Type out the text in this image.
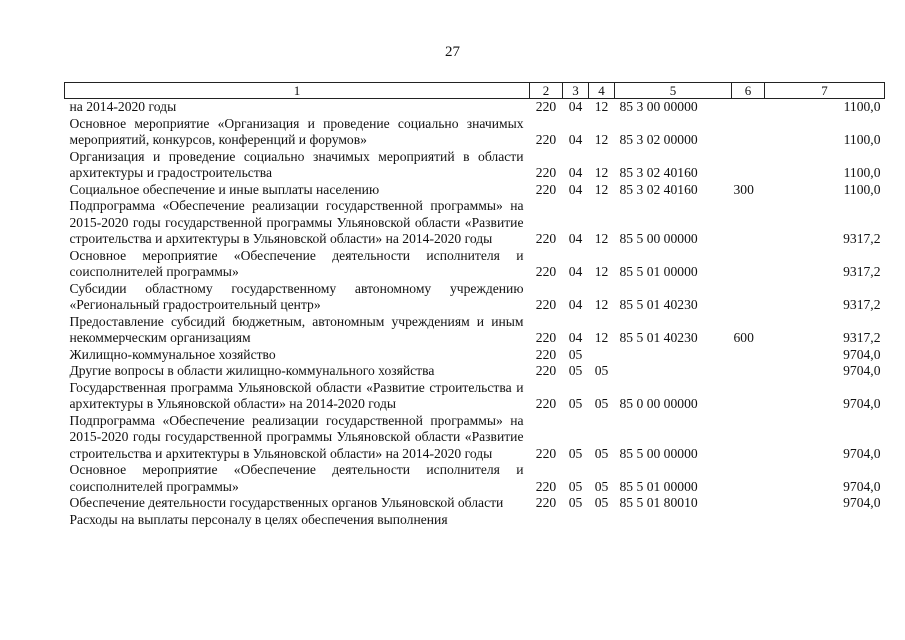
27
1	2	3	4	5	6	7
на 2014-2020 годы	220	04	12	85 3 00 00000		1100,0
Основное мероприятие «Организация и проведение социально значимых мероприятий, конкурсов, конференций и форумов»	220	04	12	85 3 02 00000		1100,0
Организация и проведение социально значимых мероприятий в области архитектуры и градостроительства	220	04	12	85 3 02 40160		1100,0
Социальное обеспечение и иные выплаты населению	220	04	12	85 3 02 40160	300	1100,0
Подпрограмма «Обеспечение реализации государственной программы» на 2015-2020 годы государственной программы Ульяновской области «Развитие строительства и архитектуры в Ульяновской области» на 2014-2020 годы	220	04	12	85 5 00 00000		9317,2
Основное мероприятие «Обеспечение деятельности исполнителя и соисполнителей программы»	220	04	12	85 5 01 00000		9317,2
Субсидии областному государственному автономному учреждению «Региональный градостроительный центр»	220	04	12	85 5 01 40230		9317,2
Предоставление субсидий бюджетным, автономным учреждениям и иным некоммерческим организациям	220	04	12	85 5 01 40230	600	9317,2
Жилищно-коммунальное хозяйство	220	05				9704,0
Другие вопросы в области жилищно-коммунального хозяйства	220	05	05			9704,0
Государственная программа Ульяновской области «Развитие строительства и архитектуры в Ульяновской области» на 2014-2020 годы	220	05	05	85 0 00 00000		9704,0
Подпрограмма «Обеспечение реализации государственной программы» на 2015-2020 годы государственной программы Ульяновской области «Развитие строительства и архитектуры в Ульяновской области» на 2014-2020 годы	220	05	05	85 5 00 00000		9704,0
Основное мероприятие «Обеспечение деятельности исполнителя и соисполнителей программы»	220	05	05	85 5 01 00000		9704,0
Обеспечение деятельности государственных органов Ульяновской области	220	05	05	85 5 01 80010		9704,0
Расходы на выплаты персоналу в целях обеспечения выполнения						
